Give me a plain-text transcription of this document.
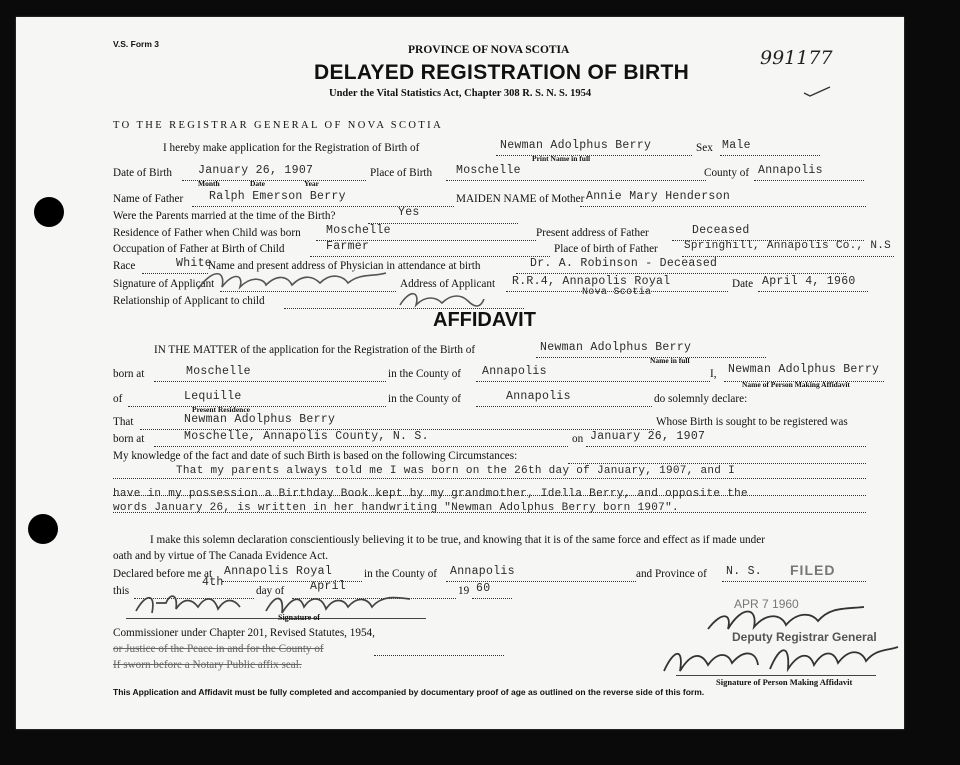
V.S. Form 3	PROVINCE OF NOVA SCOTIA
DELAYED REGISTRATION OF BIRTH
Under the Vital Statistics Act, Chapter 308 R. S. N. S. 1954
991177
TO THE REGISTRAR GENERAL OF NOVA SCOTIA
I hereby make application for the Registration of Birth of	Newman Adolphus Berry
Print Name in full
Sex Male
Date of Birth January 26, 1907
Month	Date	Year
Place of Birth Moschelle	County of Annapolis
Name of Father Ralph Emerson Berry	MAIDEN NAME of Mother Annie Mary Henderson
Were the Parents married at the time of the Birth?	Yes
Residence of Father when Child was born Moschelle	Present address of Father	Deceased
Occupation of Father at Birth of Child	Farmer	Place of birth of Father Springhill, Annapolis Co., N.S
Race	White
Name and present address of Physician in attendance at birth	Dr. A. Robinson - Deceased
Signature of Applicant	Address of Applicant R.R.4, Annapolis Royal
Nova Scotia
Date April 4, 1960
Relationship of Applicant to child
AFFIDAVIT
IN THE MATTER of the application for the Registration of the Birth of	Newman Adolphus Berry
Name in full
born at	Moschelle	in the County of Annapolis	I, Newman Adolphus Berry
Name of Person Making Affidavit
of	Lequille
Present Residence
in the County of	Annapolis	do solemnly declare:
That	Newman Adolphus Berry	Whose Birth is sought to be registered was
born at	Moschelle, Annapolis County, N. S.	on January 26, 1907
My knowledge of the fact and date of such Birth is based on the following Circumstances:
That my parents always told me I was born on the 26th day of January, 1907, and I
have in my possession a Birthday Book kept by my grandmother, Idella Berry, and opposite the
words January 26, is written in her handwriting "Newman Adolphus Berry born 1907".
I make this solemn declaration conscientiously believing it to be true, and knowing that it is of the same force and effect as if made under
oath and by virtue of The Canada Evidence Act.
Declared before me at Annapolis Royal	in the County of Annapolis	and Province of N. S. FILED
this
4th
day of April	19 60
Signature of
Commissioner under Chapter 201, Revised Statutes, 1954,
or Justice of the Peace in and for the County of
If sworn before a Notary Public affix seal.
APR 7 1960
Deputy Registrar General
Signature of Person Making Affidavit
This Application and Affidavit must be fully completed and accompanied by documentary proof of age as outlined on the reverse side of this form.
